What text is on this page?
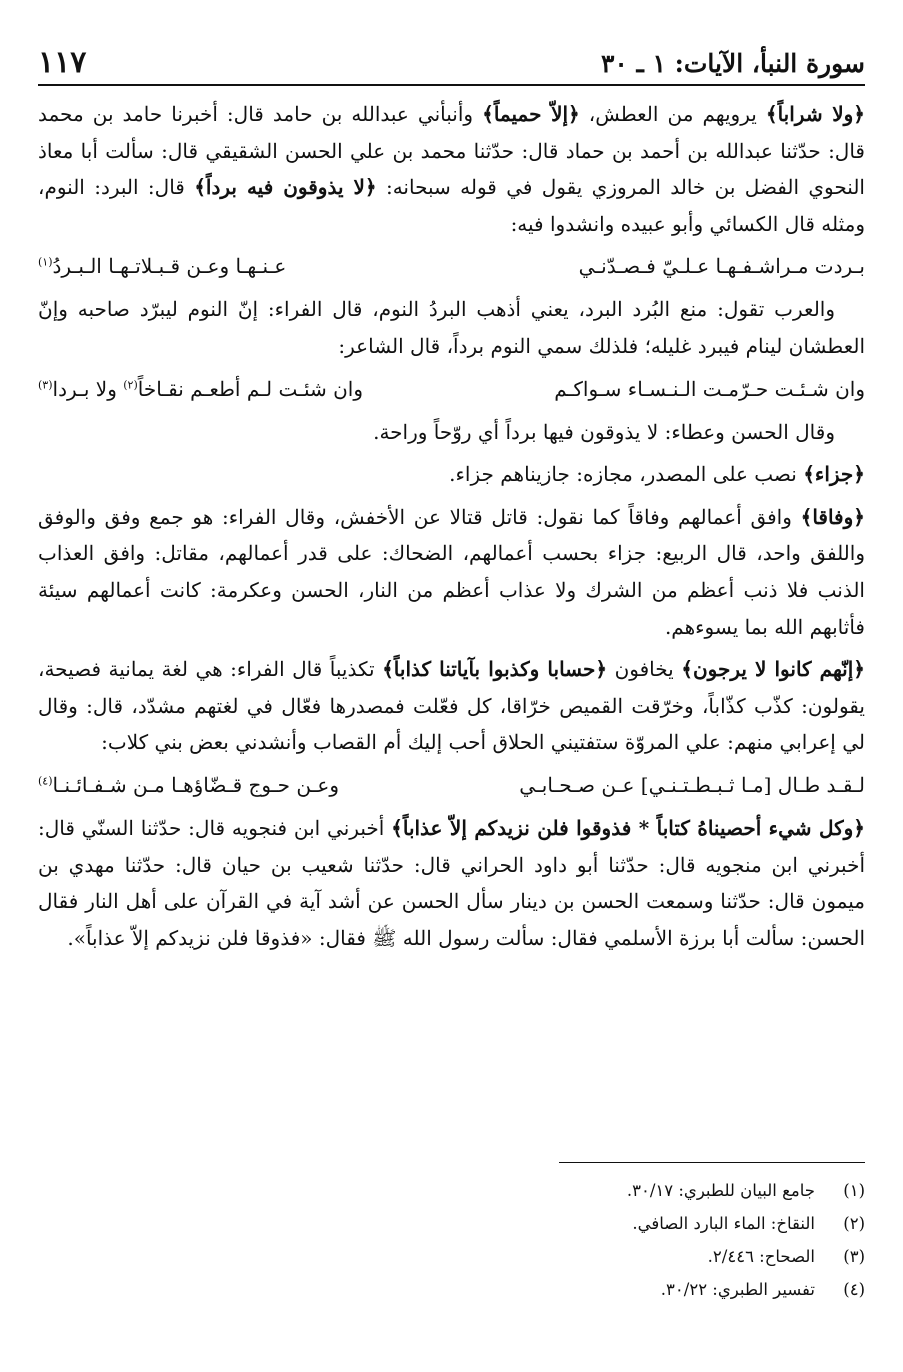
سورة النبأ، الآيات: ١ ـ ٣٠
١١٧

﴿ولا شراباً﴾ يرويهم من العطش، ﴿إلاّ حميماً﴾ وأنبأني عبدالله بن حامد قال: أخبرنا حامد بن محمد قال: حدّثنا عبدالله بن أحمد بن حماد قال: حدّثنا محمد بن علي الحسن الشقيقي قال: سألت أبا معاذ النحوي الفضل بن خالد المروزي يقول في قوله سبحانه: ﴿لا يذوقون فيه برداً﴾ قال: البرد: النوم، ومثله قال الكسائي وأبو عبيده وانشدوا فيه:

بـردت مـراشـفـهـا عـلـيّ فـصـدّنـي
عـنـهـا وعـن قـبـلاتـهـا الـبـردُ$^{(١)}$

والعرب تقول: منع البُرد البرد، يعني أذهب البردُ النوم، قال الفراء: إنّ النوم ليبرّد صاحبه وإنّ العطشان لينام فيبرد غليله؛ فلذلك سمي النوم برداً، قال الشاعر:

وان شـئـت حـرّمـت الـنـسـاء سـواكـم
وان شئـت لـم أطعـم نقـاخاً$^{(٢)}$ ولا بـردا$^{(٣)}$

وقال الحسن وعطاء: لا يذوقون فيها برداً أي روّحاً وراحة.

﴿جزاء﴾ نصب على المصدر، مجازه: جازيناهم جزاء.

﴿وفاقا﴾ وافق أعمالهم وفاقاً كما نقول: قاتل قتالا عن الأخفش، وقال الفراء: هو جمع وفق والوفق واللفق واحد، قال الربيع: جزاء بحسب أعمالهم، الضحاك: على قدر أعمالهم، مقاتل: وافق العذاب الذنب فلا ذنب أعظم من الشرك ولا عذاب أعظم من النار، الحسن وعكرمة: كانت أعمالهم سيئة فأثابهم الله بما يسوءهم.

﴿إنّهم كانوا لا يرجون﴾ يخافون ﴿حسابا وكذبوا بآياتنا كذاباً﴾ تكذيباً قال الفراء: هي لغة يمانية فصيحة، يقولون: كذّب كذّاباً، وخرّقت القميص خرّاقا، كل فعّلت فمصدرها فعّال في لغتهم مشدّد، قال: وقال لي إعرابي منهم: علي المروّة ستفتيني الحلاق أحب إليك أم القصاب وأنشدني بعض بني كلاب:

لـقـد طـال [مـا ثـبـطـتـنـي] عـن صـحـابـي
وعـن حـوج قـضّاؤهـا مـن شـفـائـنـا$^{(٤)}$

﴿وكل شيء أحصيناهُ كتاباً * فذوقوا فلن نزيدكم إلاّ عذاباً﴾ أخبرني ابن فنجويه قال: حدّثنا السنّي قال: أخبرني ابن منجويه قال: حدّثنا أبو داود الحراني قال: حدّثنا شعيب بن حيان قال: حدّثنا مهدي بن ميمون قال: حدّثنا وسمعت الحسن بن دينار سأل الحسن عن أشد آية في القرآن على أهل النار فقال الحسن: سألت أبا برزة الأسلمي فقال: سألت رسول الله ﷺ فقال: «فذوقا فلن نزيدكم إلاّ عذاباً».

(١)
جامع البيان للطبري: ٣٠/١٧.
(٢)
النقاخ: الماء البارد الصافي.
(٣)
الصحاح: ٢/٤٤٦.
(٤)
تفسير الطبري: ٣٠/٢٢.
